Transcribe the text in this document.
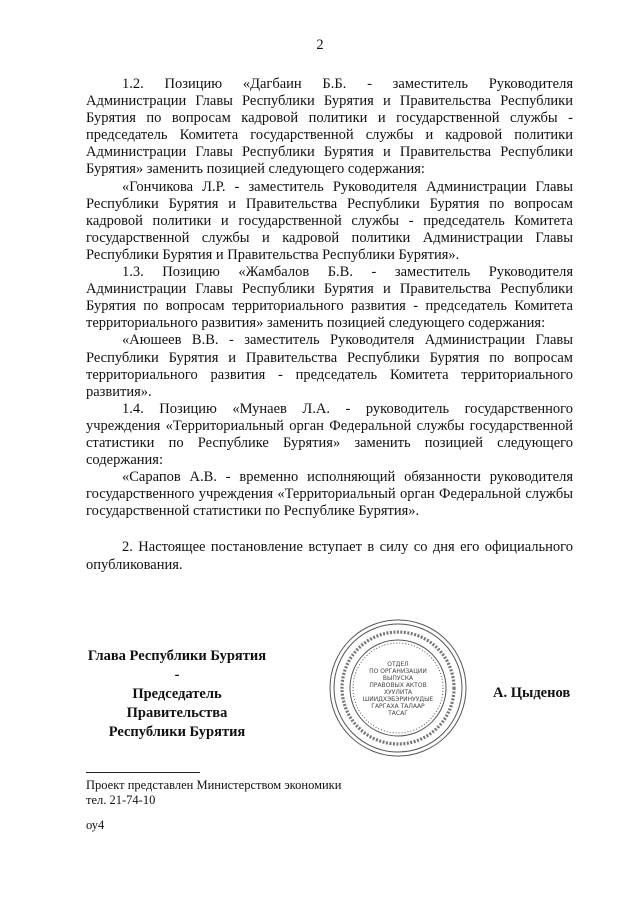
2

1.2. Позицию «Дагбаин Б.Б. - заместитель Руководителя Администрации Главы Республики Бурятия и Правительства Республики Бурятия по вопросам кадровой политики и государственной службы - председатель Комитета государственной службы и кадровой политики Администрации Главы Республики Бурятия и Правительства Республики Бурятия» заменить позицией следующего содержания:

«Гончикова Л.Р. - заместитель Руководителя Администрации Главы Республики Бурятия и Правительства Республики Бурятия по вопросам кадровой политики и государственной службы - председатель Комитета государственной службы и кадровой политики Администрации Главы Республики Бурятия и Правительства Республики Бурятия».

1.3. Позицию «Жамбалов Б.В. - заместитель Руководителя Администрации Главы Республики Бурятия и Правительства Республики Бурятия по вопросам территориального развития - председатель Комитета территориального развития» заменить позицией следующего содержания:

«Аюшеев В.В. - заместитель Руководителя Администрации Главы Республики Бурятия и Правительства Республики Бурятия по вопросам территориального развития - председатель Комитета территориального развития».

1.4. Позицию «Мунаев Л.А. - руководитель государственного учреждения «Территориальный орган Федеральной службы государственной статистики по Республике Бурятия» заменить позицией следующего содержания:

«Сарапов А.В. - временно исполняющий обязанности руководителя государственного учреждения «Территориальный орган Федеральной службы государственной статистики по Республике Бурятия».

2. Настоящее постановление вступает в силу со дня его официального опубликования.

Глава Республики Бурятия -
Председатель Правительства
Республики Бурятия
ОТДЕЛ
ПО ОРГАНИЗАЦИИ
ВЫПУСКА
ПРАВОВЫХ АКТОВ
ХУУЛИТА
ШИИДХЭБЭРИНУУДЫЕ
ГАРГАХА ТАЛААР
ТАСАГ
А. Цыденов
Проект представлен Министерством экономики
тел. 21-74-10
оу4
